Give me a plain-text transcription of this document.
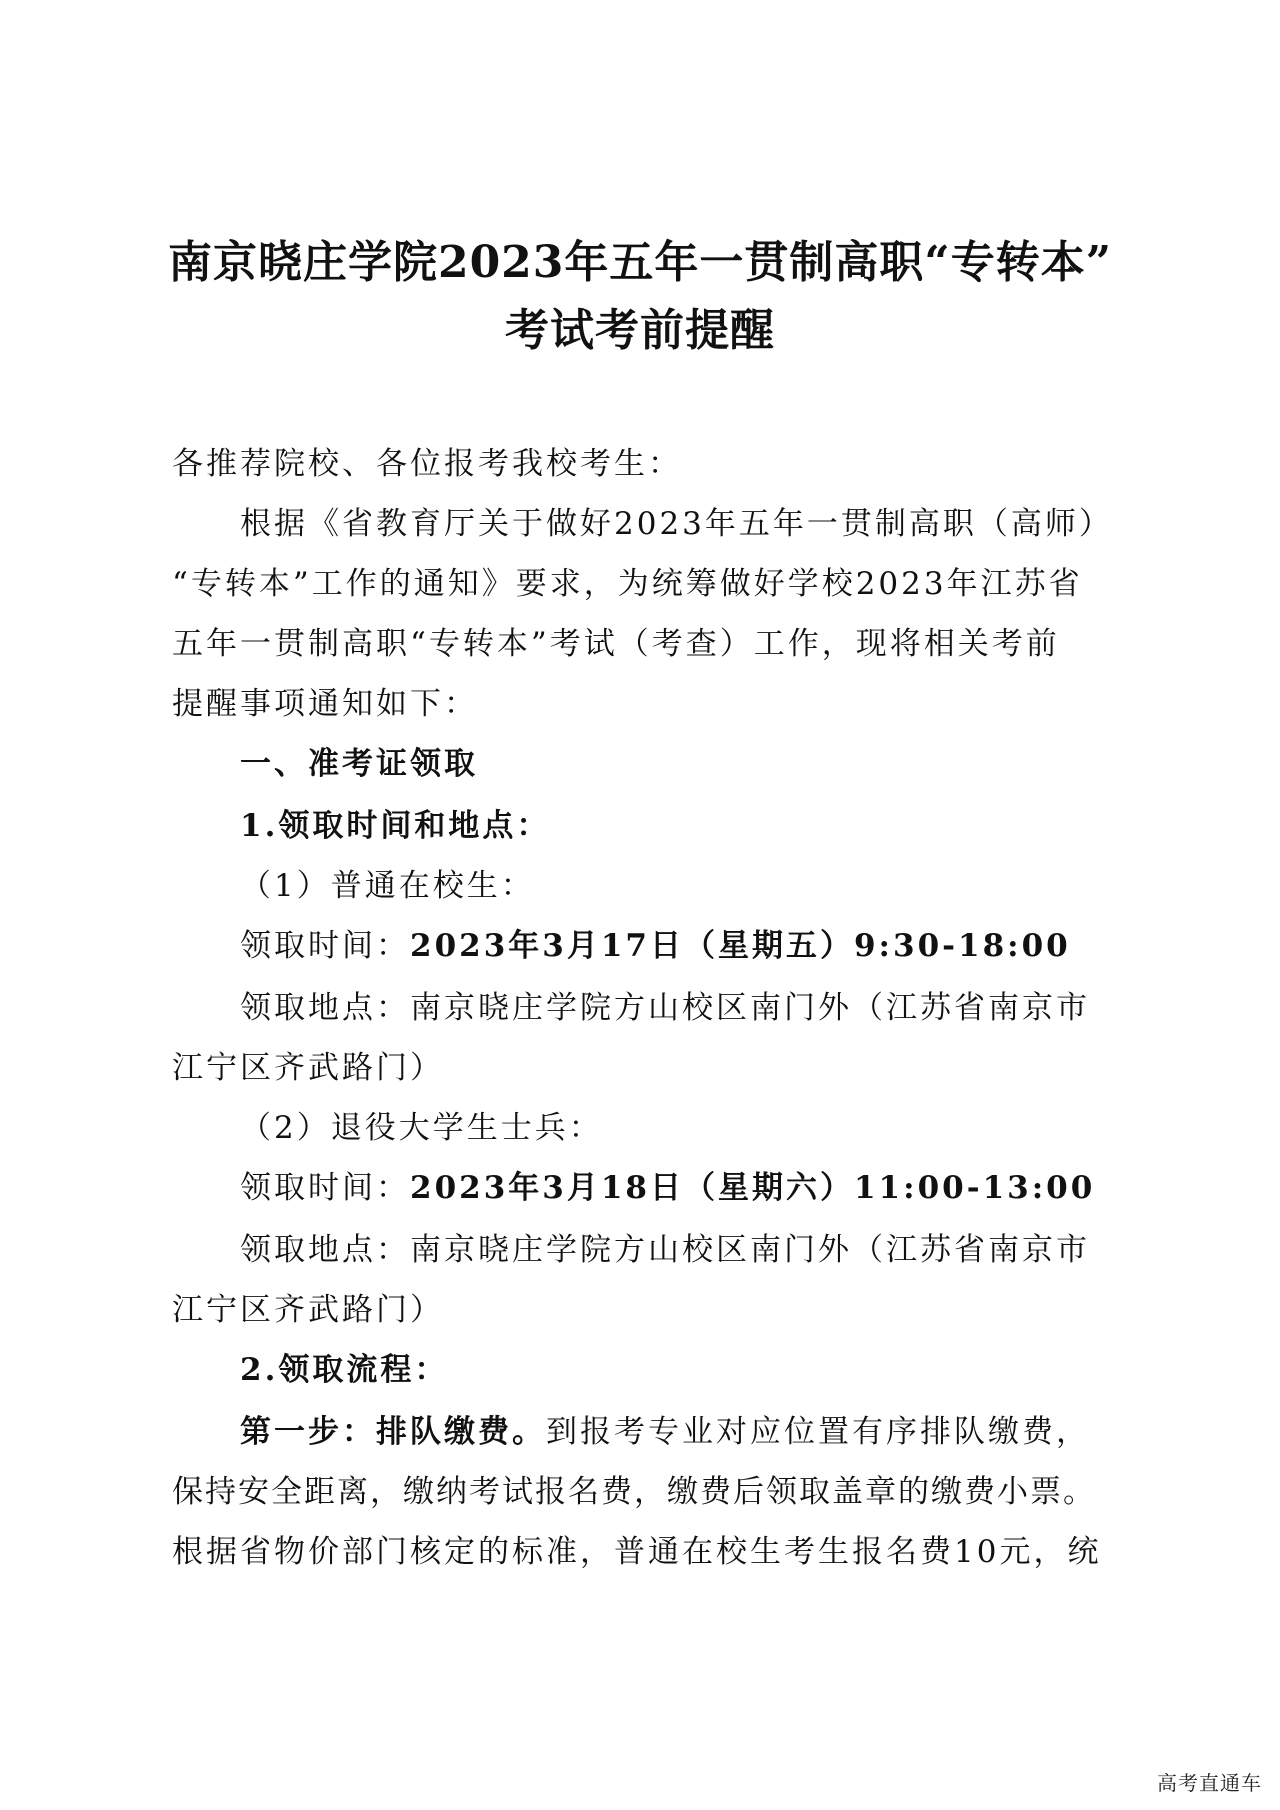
南京晓庄学院2023年五年一贯制高职“专转本”
考试考前提醒
各推荐院校、各位报考我校考生：
根据《省教育厅关于做好2023年五年一贯制高职（高师）
“专转本”工作的通知》要求，为统筹做好学校2023年江苏省
五年一贯制高职“专转本”考试（考查）工作，现将相关考前
提醒事项通知如下：
一、准考证领取
1.领取时间和地点：
（1）普通在校生：
领取时间：2023年3月17日（星期五）9:30-18:00
领取地点：南京晓庄学院方山校区南门外（江苏省南京市
江宁区齐武路门）
（2）退役大学生士兵：
领取时间：2023年3月18日（星期六）11:00-13:00
领取地点：南京晓庄学院方山校区南门外（江苏省南京市
江宁区齐武路门）
2.领取流程：
第一步：排队缴费。到报考专业对应位置有序排队缴费，
保持安全距离，缴纳考试报名费，缴费后领取盖章的缴费小票。
根据省物价部门核定的标准，普通在校生考生报名费10元，统
高考直通车
